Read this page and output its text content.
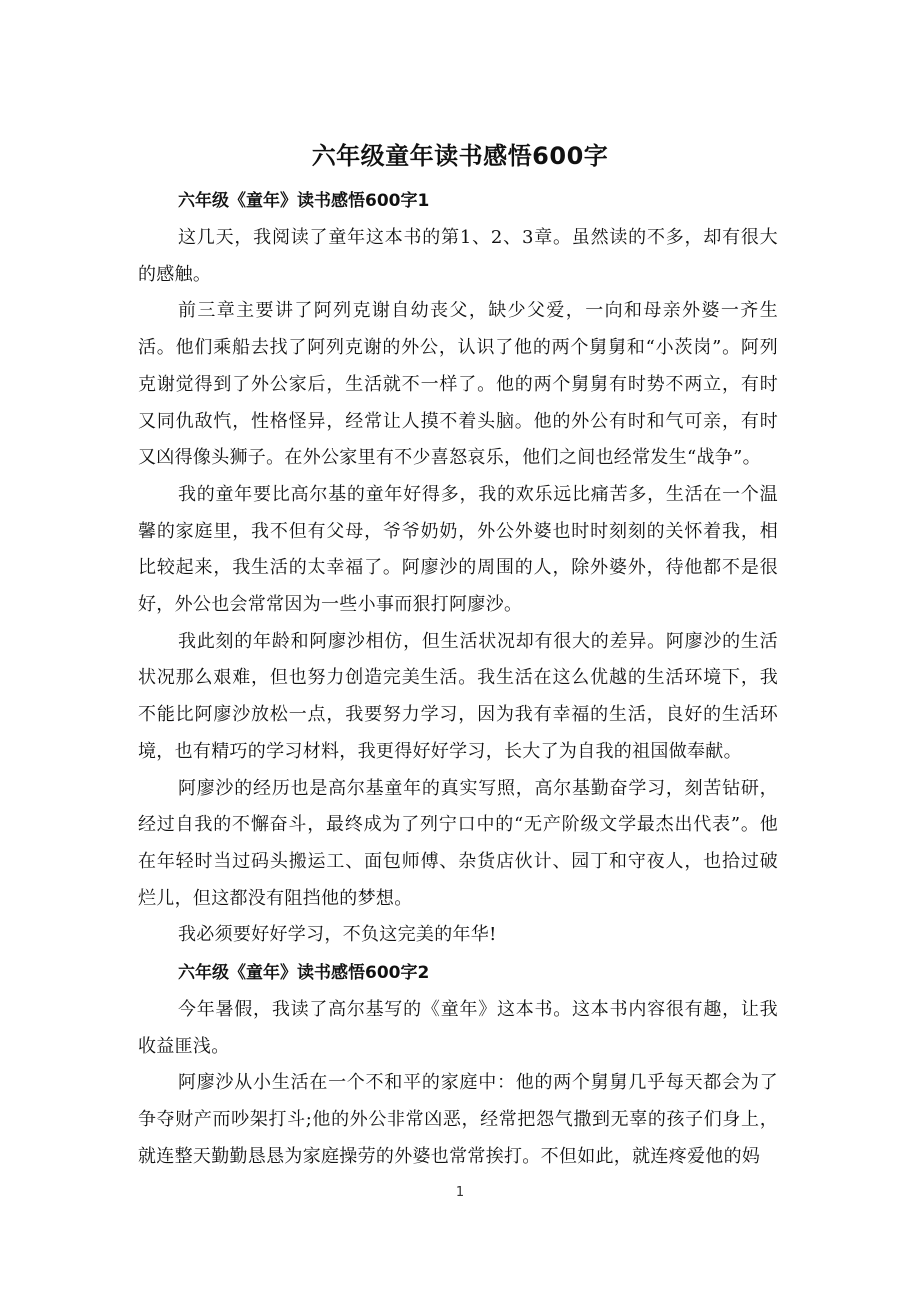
六年级童年读书感悟600字
六年级《童年》读书感悟600字1

这几天，我阅读了童年这本书的第1、2、3章。虽然读的不多，却有很大的感触。

前三章主要讲了阿列克谢自幼丧父，缺少父爱，一向和母亲外婆一齐生活。他们乘船去找了阿列克谢的外公，认识了他的两个舅舅和“小茨岗”。阿列克谢觉得到了外公家后，生活就不一样了。他的两个舅舅有时势不两立，有时又同仇敌忾，性格怪异，经常让人摸不着头脑。他的外公有时和气可亲，有时又凶得像头狮子。在外公家里有不少喜怒哀乐，他们之间也经常发生“战争”。

我的童年要比高尔基的童年好得多，我的欢乐远比痛苦多，生活在一个温馨的家庭里，我不但有父母，爷爷奶奶，外公外婆也时时刻刻的关怀着我，相比较起来，我生活的太幸福了。阿廖沙的周围的人，除外婆外，待他都不是很好，外公也会常常因为一些小事而狠打阿廖沙。

我此刻的年龄和阿廖沙相仿，但生活状况却有很大的差异。阿廖沙的生活状况那么艰难，但也努力创造完美生活。我生活在这么优越的生活环境下，我不能比阿廖沙放松一点，我要努力学习，因为我有幸福的生活，良好的生活环境，也有精巧的学习材料，我更得好好学习，长大了为自我的祖国做奉献。

阿廖沙的经历也是高尔基童年的真实写照，高尔基勤奋学习，刻苦钻研，经过自我的不懈奋斗，最终成为了列宁口中的“无产阶级文学最杰出代表”。他在年轻时当过码头搬运工、面包师傅、杂货店伙计、园丁和守夜人，也拾过破烂儿，但这都没有阻挡他的梦想。

我必须要好好学习，不负这完美的年华!

六年级《童年》读书感悟600字2

今年暑假，我读了高尔基写的《童年》这本书。这本书内容很有趣，让我收益匪浅。

阿廖沙从小生活在一个不和平的家庭中：他的两个舅舅几乎每天都会为了争夺财产而吵架打斗;他的外公非常凶恶，经常把怨气撒到无辜的孩子们身上，就连整天勤勤恳恳为家庭操劳的外婆也常常挨打。不但如此，就连疼爱他的妈

1
